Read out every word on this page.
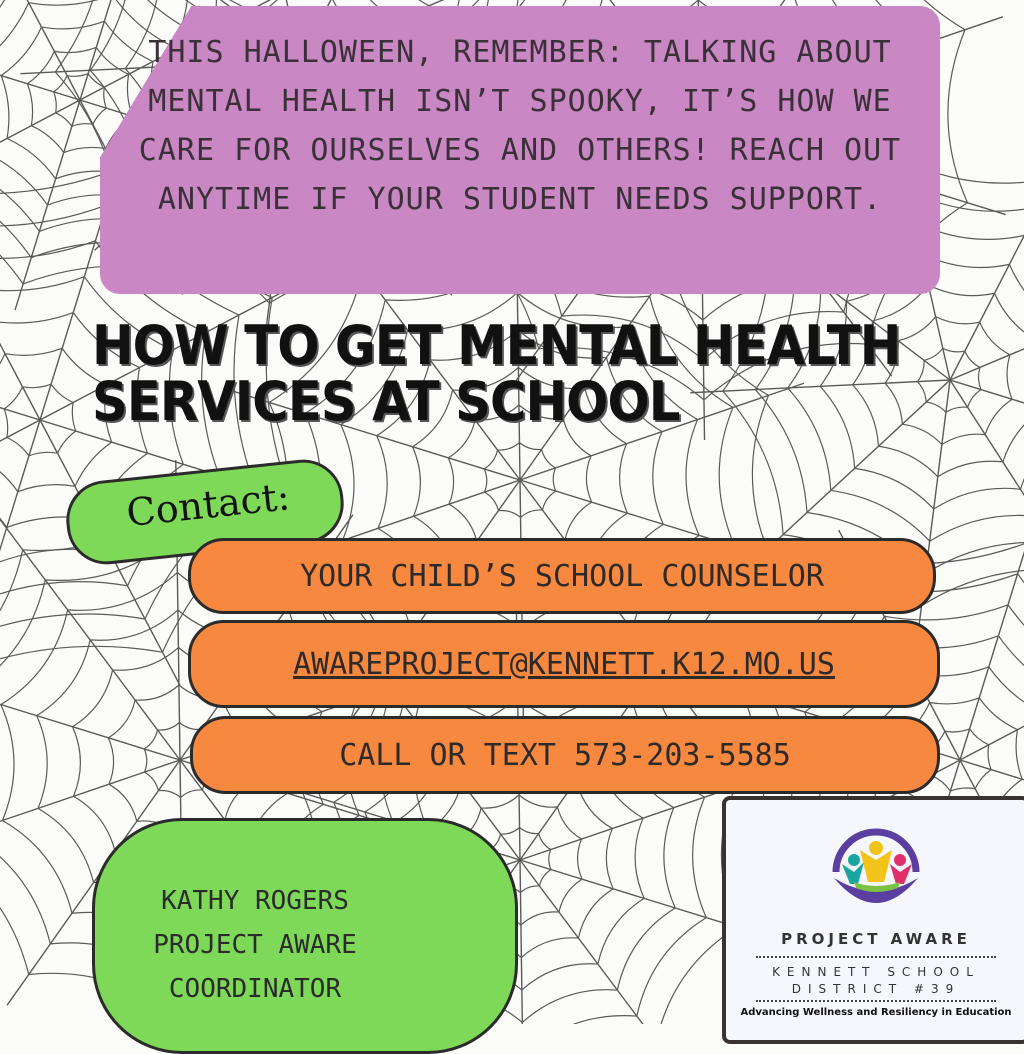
THIS HALLOWEEN, REMEMBER: TALKING ABOUT MENTAL HEALTH ISN’T SPOOKY, IT’S HOW WE CARE FOR OURSELVES AND OTHERS! REACH OUT ANYTIME IF YOUR STUDENT NEEDS SUPPORT.
HOW TO GET MENTAL HEALTH
SERVICES AT SCHOOL
Contact:
YOUR CHILD’S SCHOOL COUNSELOR
AWAREPROJECT@KENNETT.K12.MO.US
CALL OR TEXT 573-203-5585
KATHY ROGERS
PROJECT AWARE
COORDINATOR
PROJECT AWARE
KENNETT SCHOOL
DISTRICT #39
Advancing Wellness and Resiliency in Education
